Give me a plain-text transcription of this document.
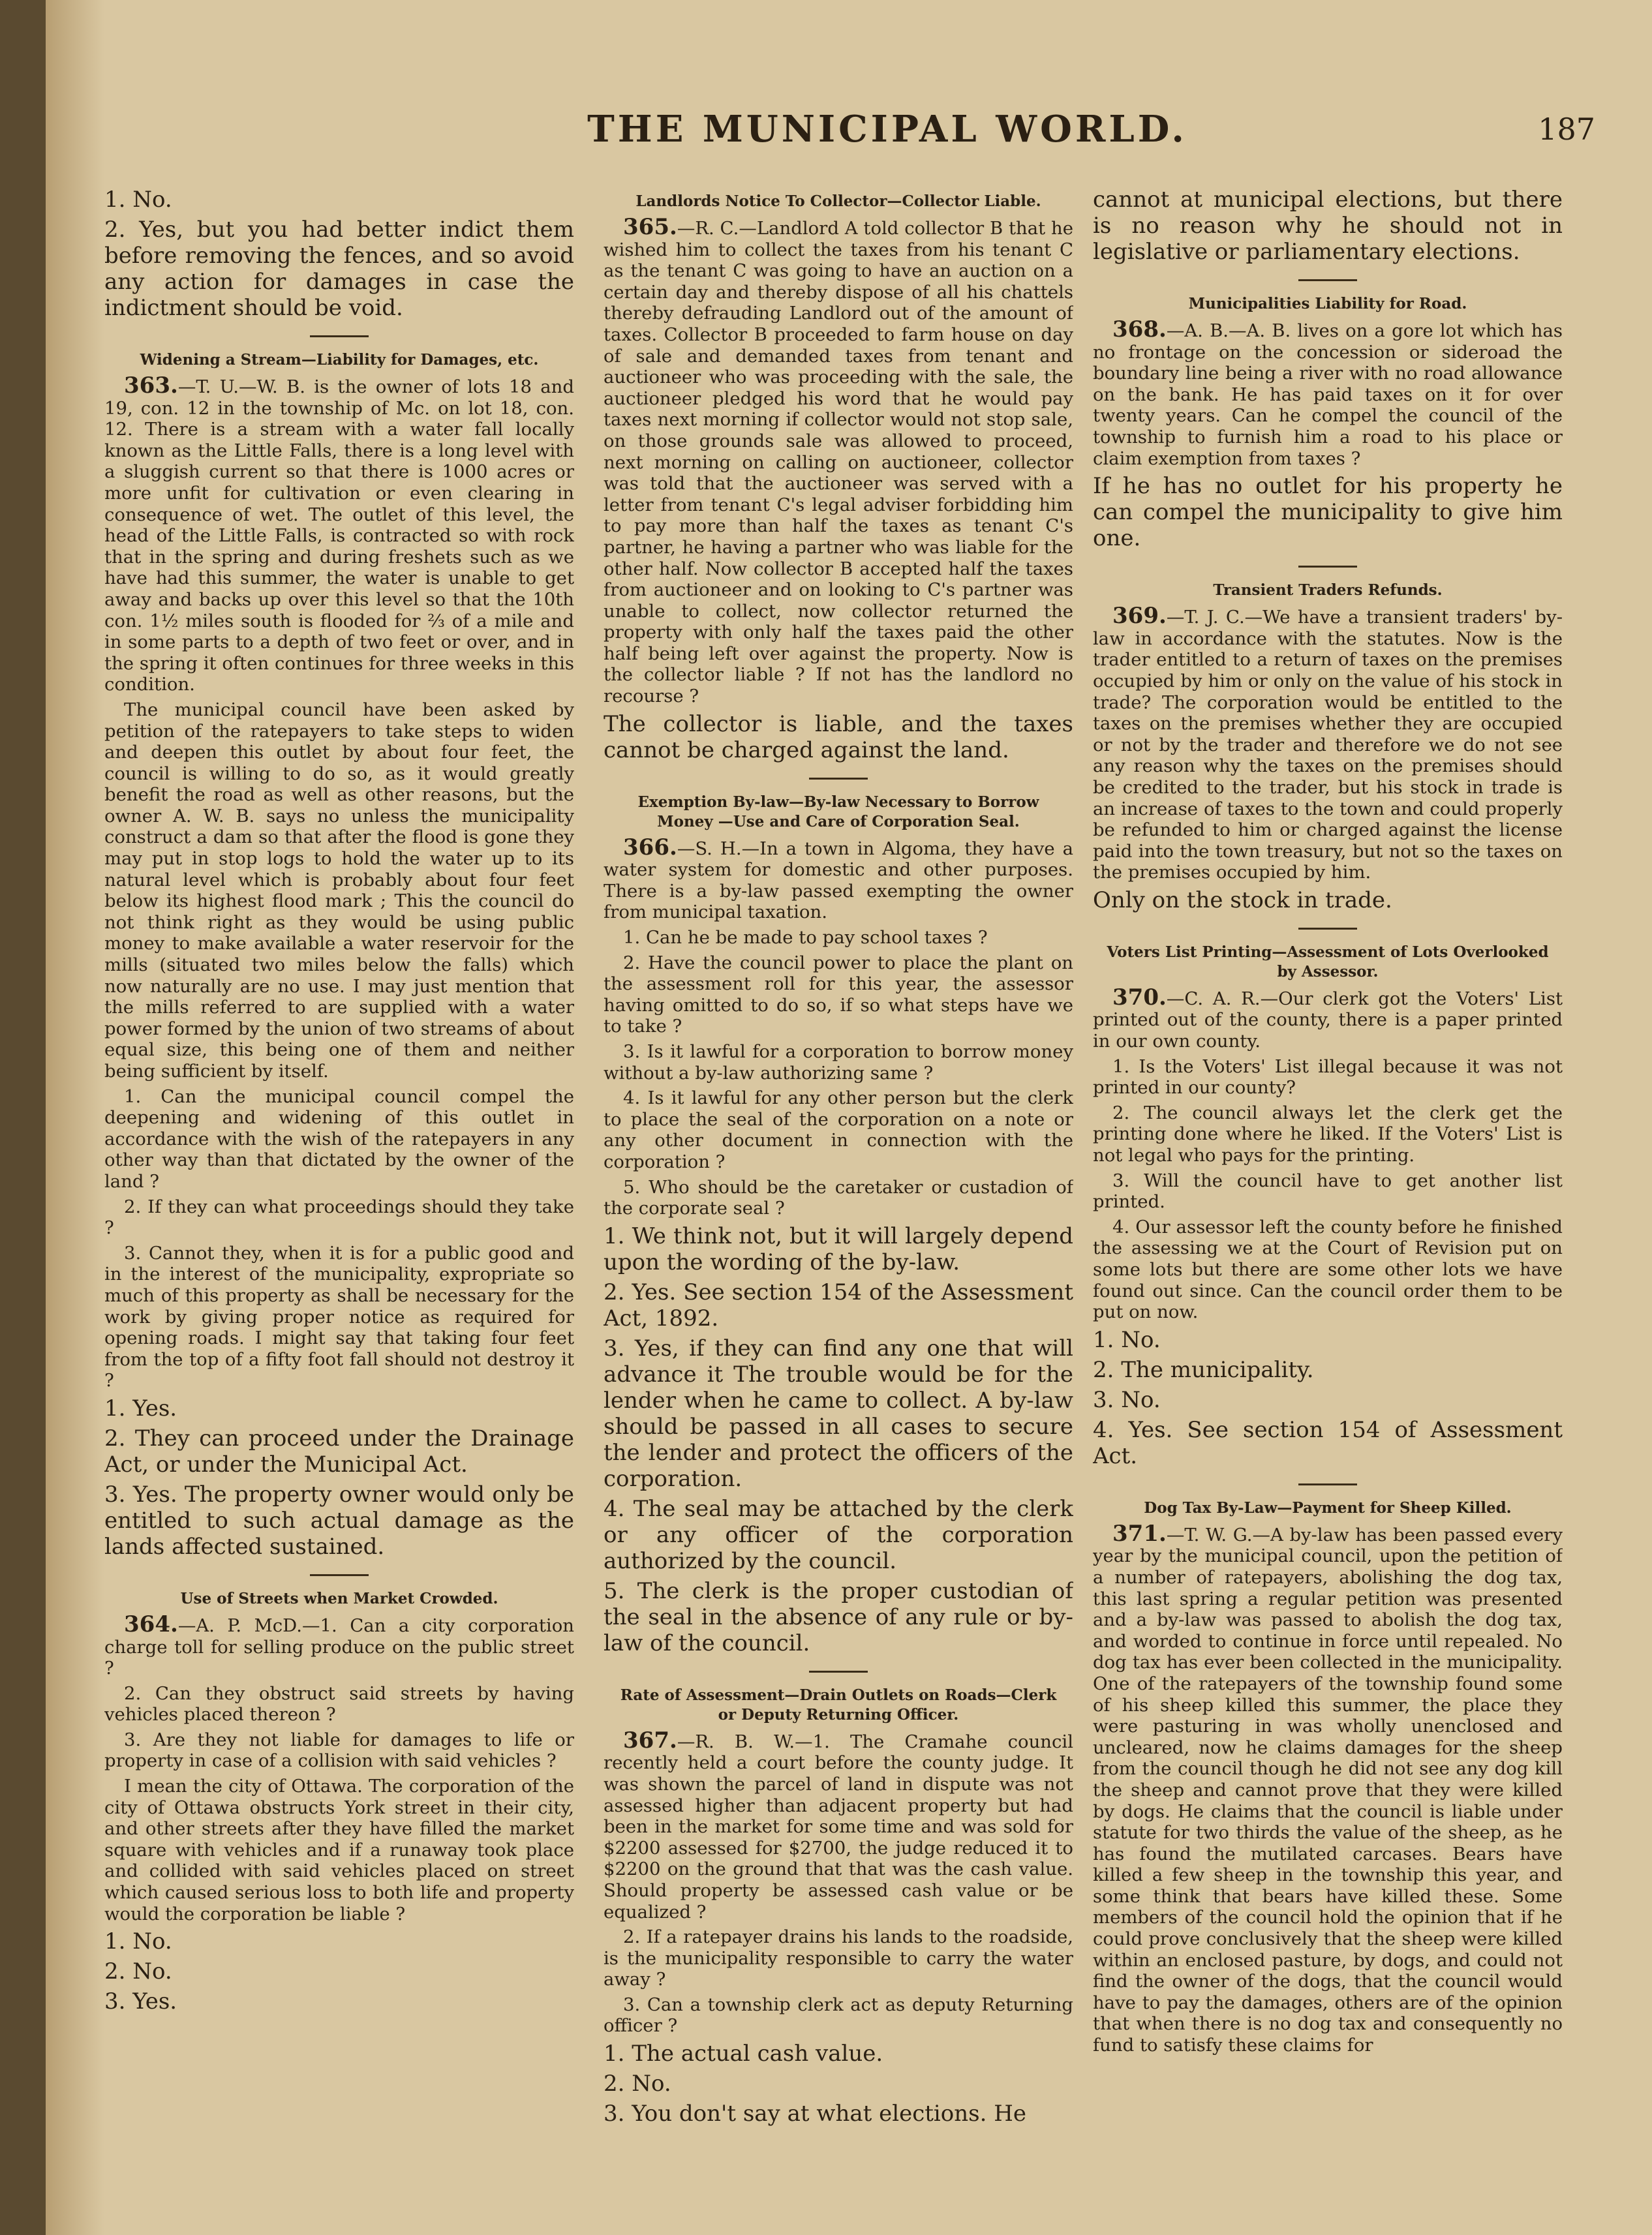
THE MUNICIPAL WORLD.	187

1. No.

2. Yes, but you had better indict them before removing the fences, and so avoid any action for damages in case the indictment should be void.

Widening a Stream—Liability for Damages, etc.

363.—T. U.—W. B. is the owner of lots 18 and 19, con. 12 in the township of Mc. on lot 18, con. 12. There is a stream with a water fall locally known as the Little Falls, there is a long level with a sluggish current so that there is 1000 acres or more unfit for cultivation or even clearing in consequence of wet. The outlet of this level, the head of the Little Falls, is contracted so with rock that in the spring and during freshets such as we have had this summer, the water is unable to get away and backs up over this level so that the 10th con. 1½ miles south is flooded for ⅔ of a mile and in some parts to a depth of two feet or over, and in the spring it often continues for three weeks in this condition.

The municipal council have been asked by petition of the ratepayers to take steps to widen and deepen this outlet by about four feet, the council is willing to do so, as it would greatly benefit the road as well as other reasons, but the owner A. W. B. says no unless the municipality construct a dam so that after the flood is gone they may put in stop logs to hold the water up to its natural level which is probably about four feet below its highest flood mark ; This the council do not think right as they would be using public money to make available a water reservoir for the mills (situated two miles below the falls) which now naturally are no use. I may just mention that the mills referred to are supplied with a water power formed by the union of two streams of about equal size, this being one of them and neither being sufficient by itself.

1. Can the municipal council compel the deepening and widening of this outlet in accordance with the wish of the ratepayers in any other way than that dictated by the owner of the land ?

2. If they can what proceedings should they take ?

3. Cannot they, when it is for a public good and in the interest of the municipality, expropriate so much of this property as shall be necessary for the work by giving proper notice as required for opening roads. I might say that taking four feet from the top of a fifty foot fall should not destroy it ?

1. Yes.

2. They can proceed under the Drainage Act, or under the Municipal Act.

3. Yes. The property owner would only be entitled to such actual damage as the lands affected sustained.

Use of Streets when Market Crowded.

364.—A. P. McD.—1. Can a city corporation charge toll for selling produce on the public street ?

2. Can they obstruct said streets by having vehicles placed thereon ?

3. Are they not liable for damages to life or property in case of a collision with said vehicles ?

I mean the city of Ottawa. The corporation of the city of Ottawa obstructs York street in their city, and other streets after they have filled the market square with vehicles and if a runaway took place and collided with said vehicles placed on street which caused serious loss to both life and property would the corporation be liable ?

1. No.

2. No.

3. Yes.

Landlords Notice To Collector—Collector Liable.

365.—R. C.—Landlord A told collector B that he wished him to collect the taxes from his tenant C as the tenant C was going to have an auction on a certain day and thereby dispose of all his chattels thereby defrauding Landlord out of the amount of taxes. Collector B proceeded to farm house on day of sale and demanded taxes from tenant and auctioneer who was proceeding with the sale, the auctioneer pledged his word that he would pay taxes next morning if collector would not stop sale, on those grounds sale was allowed to proceed, next morning on calling on auctioneer, collector was told that the auctioneer was served with a letter from tenant C's legal adviser forbidding him to pay more than half the taxes as tenant C's partner, he having a partner who was liable for the other half. Now collector B accepted half the taxes from auctioneer and on looking to C's partner was unable to collect, now collector returned the property with only half the taxes paid the other half being left over against the property. Now is the collector liable ? If not has the landlord no recourse ?

The collector is liable, and the taxes cannot be charged against the land.

Exemption By-law—By-law Necessary to Borrow Money —Use and Care of Corporation Seal.

366.—S. H.—In a town in Algoma, they have a water system for domestic and other purposes. There is a by-law passed exempting the owner from municipal taxation.

1. Can he be made to pay school taxes ?

2. Have the council power to place the plant on the assessment roll for this year, the assessor having omitted to do so, if so what steps have we to take ?

3. Is it lawful for a corporation to borrow money without a by-law authorizing same ?

4. Is it lawful for any other person but the clerk to place the seal of the corporation on a note or any other document in connection with the corporation ?

5. Who should be the caretaker or custadion of the corporate seal ?

1. We think not, but it will largely depend upon the wording of the by-law.

2. Yes. See section 154 of the Assessment Act, 1892.

3. Yes, if they can find any one that will advance it The trouble would be for the lender when he came to collect. A by-law should be passed in all cases to secure the lender and protect the officers of the corporation.

4. The seal may be attached by the clerk or any officer of the corporation authorized by the council.

5. The clerk is the proper custodian of the seal in the absence of any rule or by-law of the council.

Rate of Assessment—Drain Outlets on Roads—Clerk or Deputy Returning Officer.

367.—R. B. W.—1. The Cramahe council recently held a court before the county judge. It was shown the parcel of land in dispute was not assessed higher than adjacent property but had been in the market for some time and was sold for $2200 assessed for $2700, the judge reduced it to $2200 on the ground that that was the cash value. Should property be assessed cash value or be equalized ?

2. If a ratepayer drains his lands to the roadside, is the municipality responsible to carry the water away ?

3. Can a township clerk act as deputy Returning officer ?

1. The actual cash value.

2. No.

3. You don't say at what elections. He

cannot at municipal elections, but there is no reason why he should not in legislative or parliamentary elections.

Municipalities Liability for Road.

368.—A. B.—A. B. lives on a gore lot which has no frontage on the concession or sideroad the boundary line being a river with no road allowance on the bank. He has paid taxes on it for over twenty years. Can he compel the council of the township to furnish him a road to his place or claim exemption from taxes ?

If he has no outlet for his property he can compel the municipality to give him one.

Transient Traders Refunds.

369.—T. J. C.—We have a transient traders' by-law in accordance with the statutes. Now is the trader entitled to a return of taxes on the premises occupied by him or only on the value of his stock in trade? The corporation would be entitled to the taxes on the premises whether they are occupied or not by the trader and therefore we do not see any reason why the taxes on the premises should be credited to the trader, but his stock in trade is an increase of taxes to the town and could properly be refunded to him or charged against the license paid into the town treasury, but not so the taxes on the premises occupied by him.

Only on the stock in trade.

Voters List Printing—Assessment of Lots Overlooked by Assessor.

370.—C. A. R.—Our clerk got the Voters' List printed out of the county, there is a paper printed in our own county.

1. Is the Voters' List illegal because it was not printed in our county?

2. The council always let the clerk get the printing done where he liked. If the Voters' List is not legal who pays for the printing.

3. Will the council have to get another list printed.

4. Our assessor left the county before he finished the assessing we at the Court of Revision put on some lots but there are some other lots we have found out since. Can the council order them to be put on now.

1. No.

2. The municipality.

3. No.

4. Yes. See section 154 of Assessment Act.

Dog Tax By-Law—Payment for Sheep Killed.

371.—T. W. G.—A by-law has been passed every year by the municipal council, upon the petition of a number of ratepayers, abolishing the dog tax, this last spring a regular petition was presented and a by-law was passed to abolish the dog tax, and worded to continue in force until repealed. No dog tax has ever been collected in the municipality. One of the ratepayers of the township found some of his sheep killed this summer, the place they were pasturing in was wholly unenclosed and uncleared, now he claims damages for the sheep from the council though he did not see any dog kill the sheep and cannot prove that they were killed by dogs. He claims that the council is liable under statute for two thirds the value of the sheep, as he has found the mutilated carcases. Bears have killed a few sheep in the township this year, and some think that bears have killed these. Some members of the council hold the opinion that if he could prove conclusively that the sheep were killed within an enclosed pasture, by dogs, and could not find the owner of the dogs, that the council would have to pay the damages, others are of the opinion that when there is no dog tax and consequently no fund to satisfy these claims for
